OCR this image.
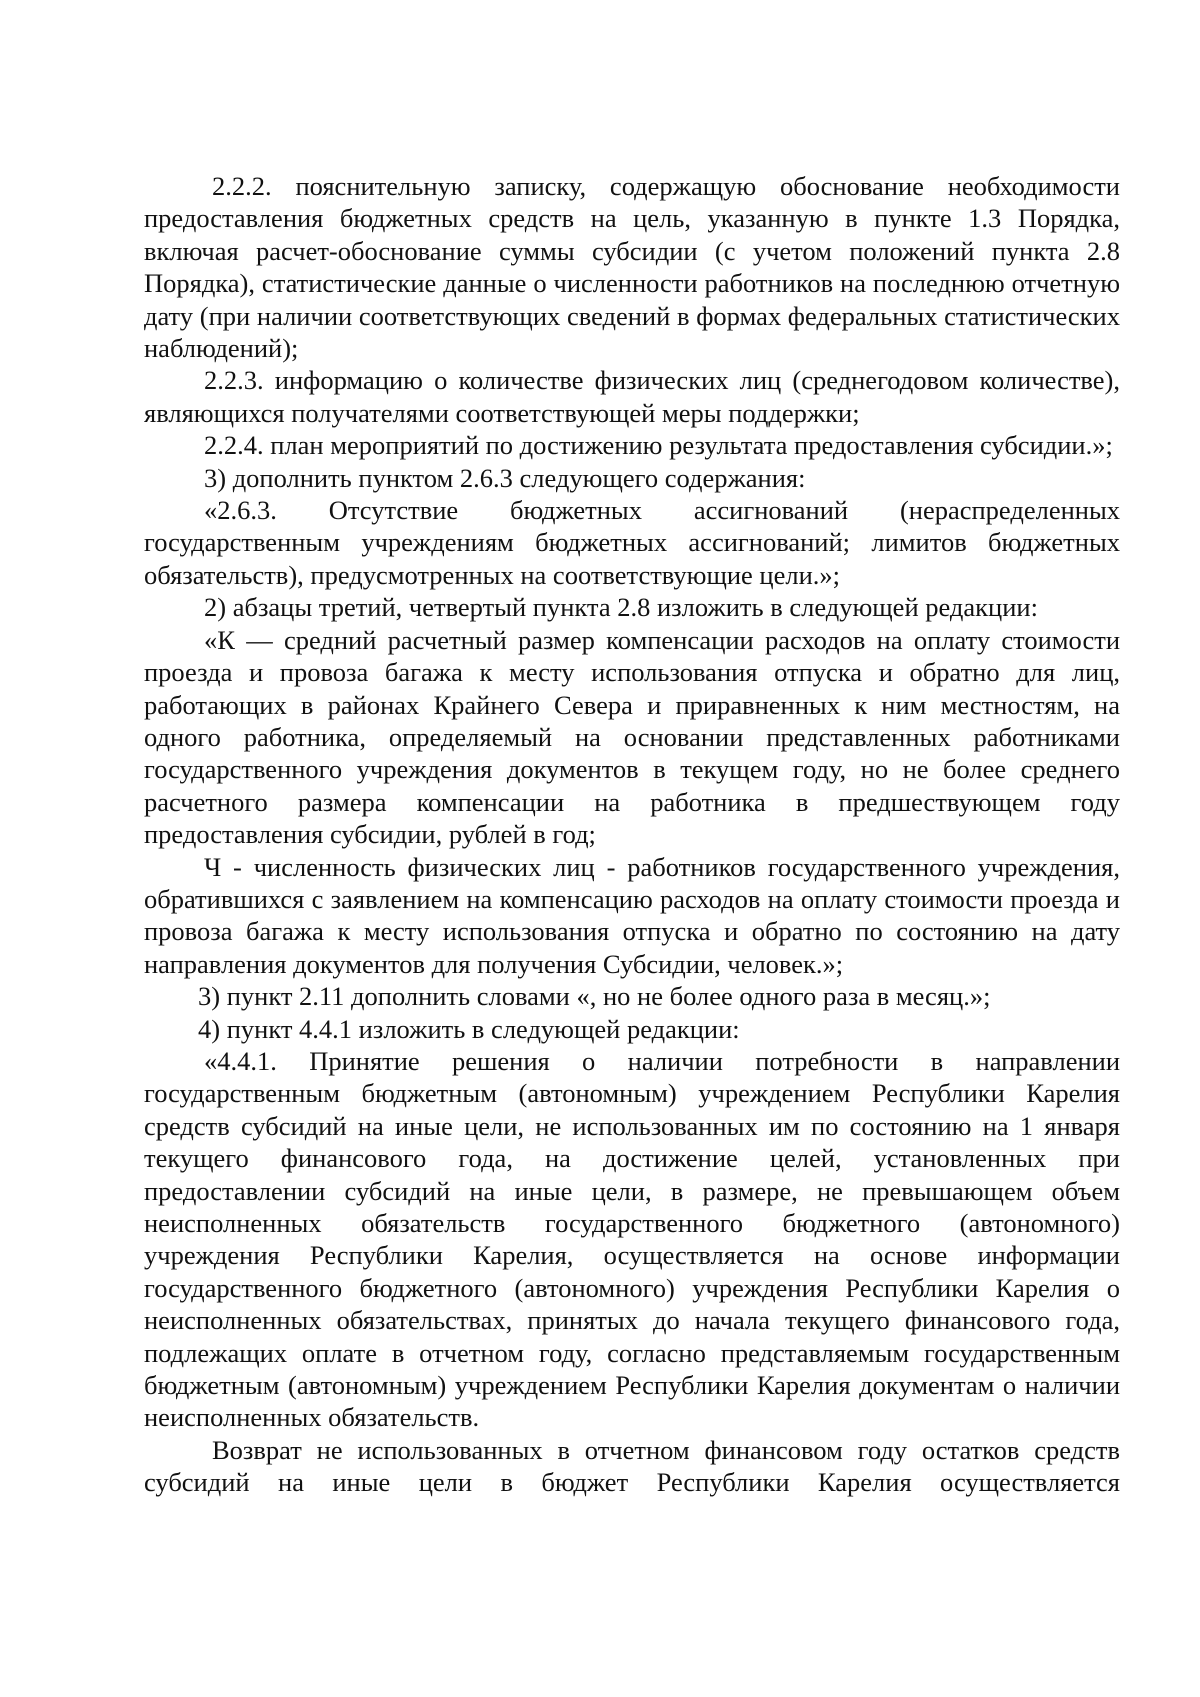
2.2.2. пояснительную записку, содержащую обоснование необходимости предоставления бюджетных средств на цель, указанную в пункте 1.3 Порядка, включая расчет-обоснование суммы субсидии (с учетом положений пункта 2.8 Порядка), статистические данные о численности работников на последнюю отчетную дату (при наличии соответствующих сведений в формах федеральных статистических наблюдений);

2.2.3. информацию о количестве физических лиц (среднегодовом количестве), являющихся получателями соответствующей меры поддержки;

2.2.4. план мероприятий по достижению результата предоставления субсидии.»;

3) дополнить пунктом 2.6.3 следующего содержания:

«2.6.3. Отсутствие бюджетных ассигнований (нераспределенных государственным учреждениям бюджетных ассигнований; лимитов бюджетных обязательств), предусмотренных на соответствующие цели.»;

2) абзацы третий, четвертый пункта 2.8 изложить в следующей редакции:

«К — средний расчетный размер компенсации расходов на оплату стоимости проезда и провоза багажа к месту использования отпуска и обратно для лиц, работающих в районах Крайнего Севера и приравненных к ним местностям, на одного работника, определяемый на основании представленных работниками государственного учреждения документов в текущем году, но не более среднего расчетного размера компенсации на работника в предшествующем году предоставления субсидии, рублей в год;

Ч - численность физических лиц - работников государственного учреждения, обратившихся с заявлением на компенсацию расходов на оплату стоимости проезда и провоза багажа к месту использования отпуска и обратно по состоянию на дату направления документов для получения Субсидии, человек.»;

3) пункт 2.11 дополнить словами «, но не более одного раза в месяц.»;

4) пункт 4.4.1 изложить в следующей редакции:

«4.4.1. Принятие решения о наличии потребности в направлении государственным бюджетным (автономным) учреждением Республики Карелия средств субсидий на иные цели, не использованных им по состоянию на 1 января текущего финансового года, на достижение целей, установленных при предоставлении субсидий на иные цели, в размере, не превышающем объем неисполненных обязательств государственного бюджетного (автономного) учреждения Республики Карелия, осуществляется на основе информации государственного бюджетного (автономного) учреждения Республики Карелия о неисполненных обязательствах, принятых до начала текущего финансового года, подлежащих оплате в отчетном году, согласно представляемым государственным бюджетным (автономным) учреждением Республики Карелия документам о наличии неисполненных обязательств.

Возврат не использованных в отчетном финансовом году остатков средств субсидий на иные цели в бюджет Республики Карелия осуществляется
